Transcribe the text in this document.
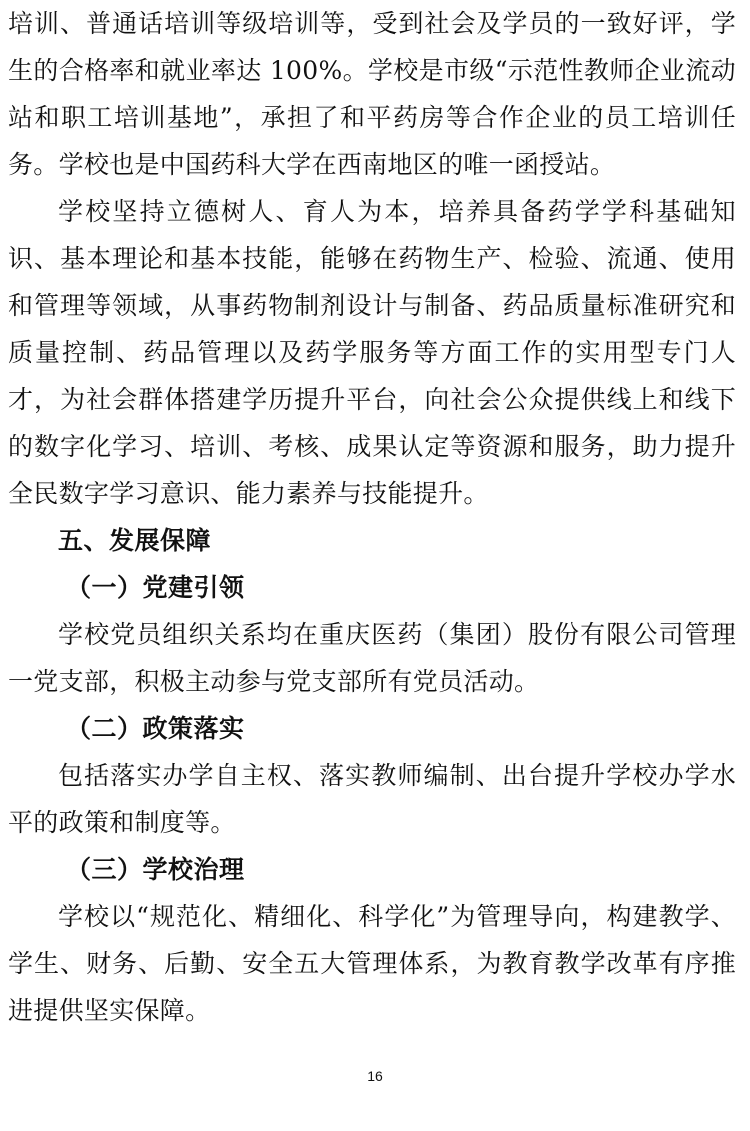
培训、普通话培训等级培训等，受到社会及学员的一致好评，学生的合格率和就业率达 100%。学校是市级“示范性教师企业流动站和职工培训基地”，承担了和平药房等合作企业的员工培训任务。学校也是中国药科大学在西南地区的唯一函授站。

学校坚持立德树人、育人为本，培养具备药学学科基础知识、基本理论和基本技能，能够在药物生产、检验、流通、使用和管理等领域，从事药物制剂设计与制备、药品质量标准研究和质量控制、药品管理以及药学服务等方面工作的实用型专门人才，为社会群体搭建学历提升平台，向社会公众提供线上和线下的数字化学习、培训、考核、成果认定等资源和服务，助力提升全民数字学习意识、能力素养与技能提升。

五、发展保障

（一）党建引领

学校党员组织关系均在重庆医药（集团）股份有限公司管理一党支部，积极主动参与党支部所有党员活动。

（二）政策落实

包括落实办学自主权、落实教师编制、出台提升学校办学水平的政策和制度等。

（三）学校治理

学校以“规范化、精细化、科学化”为管理导向，构建教学、学生、财务、后勤、安全五大管理体系，为教育教学改革有序推进提供坚实保障。

16
